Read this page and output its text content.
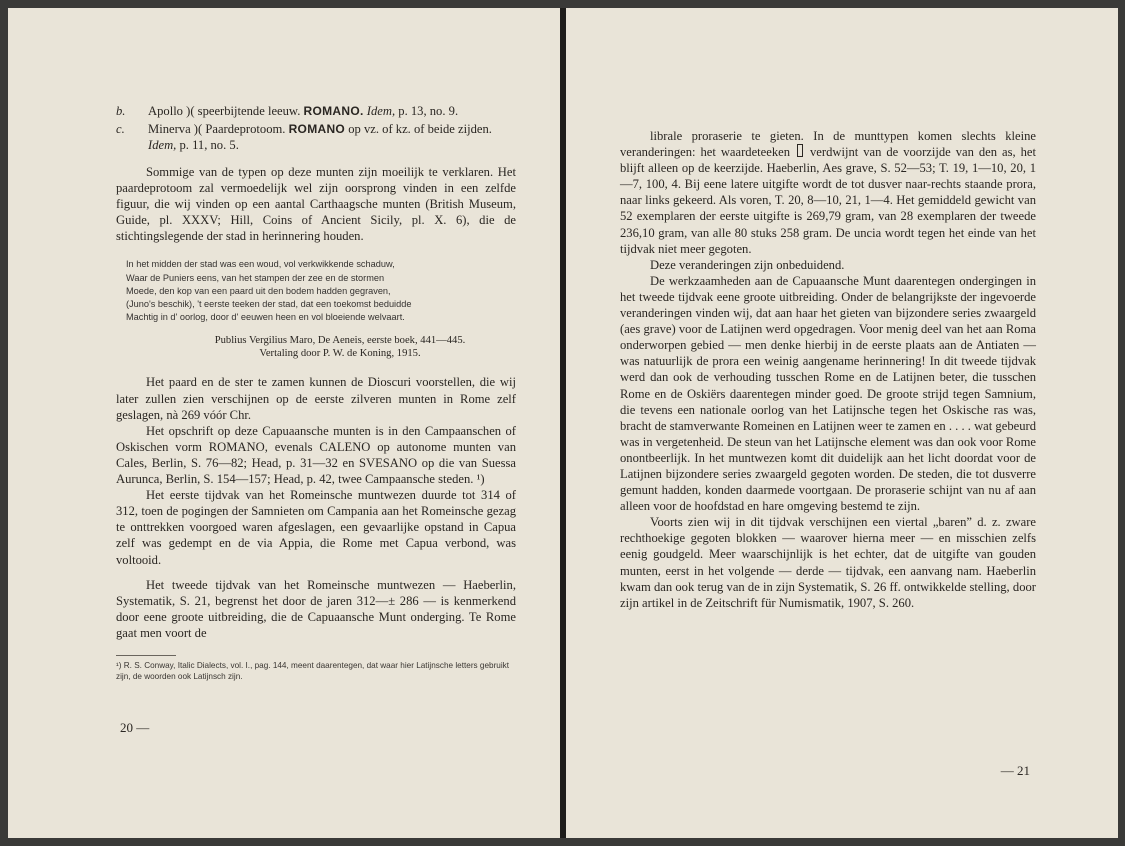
b. Apollo )( speerbijtende leeuw. ROMANO. Idem, p. 13, no. 9.
c. Minerva )( Paardeprotoom. ROMANO op vz. of kz. of beide zijden. Idem, p. 11, no. 5.

Sommige van de typen op deze munten zijn moeilijk te verklaren. Het paardeprotoom zal vermoedelijk wel zijn oorsprong vinden in een zelfde figuur, die wij vinden op een aantal Carthaagsche munten (British Museum, Guide, pl. XXXV; Hill, Coins of Ancient Sicily, pl. X. 6), die de stichtingslegende der stad in herinnering houden.

In het midden der stad was een woud, vol verkwikkende schaduw,
Waar de Puniers eens, van het stampen der zee en de stormen
Moede, den kop van een paard uit den bodem hadden gegraven,
(Juno's beschik), 't eerste teeken der stad, dat een toekomst beduidde
Machtig in d' oorlog, door d' eeuwen heen en vol bloeiende welvaart.
Publius Vergilius Maro, De Aeneis, eerste boek, 441—445.
Vertaling door P. W. de Koning, 1915.

Het paard en de ster te zamen kunnen de Dioscuri voorstellen, die wij later zullen zien verschijnen op de eerste zilveren munten in Rome zelf geslagen, nà 269 vóór Chr.

Het opschrift op deze Capuaansche munten is in den Campaanschen of Oskischen vorm ROMANO, evenals CALENO op autonome munten van Cales, Berlin, S. 76—82; Head, p. 31—32 en SVESANO op die van Suessa Aurunca, Berlin, S. 154—157; Head, p. 42, twee Campaansche steden. ¹)

Het eerste tijdvak van het Romeinsche muntwezen duurde tot 314 of 312, toen de pogingen der Samnieten om Campania aan het Romeinsche gezag te onttrekken voorgoed waren afgeslagen, een gevaarlijke opstand in Capua zelf was gedempt en de via Appia, die Rome met Capua verbond, was voltooid.

Het tweede tijdvak van het Romeinsche muntwezen — Haeberlin, Systematik, S. 21, begrenst het door de jaren 312—± 286 — is kenmerkend door eene groote uitbreiding, die de Capuaansche Munt onderging. Te Rome gaat men voort de

¹) R. S. Conway, Italic Dialects, vol. I., pag. 144, meent daarentegen, dat waar hier Latijnsche letters gebruikt zijn, de woorden ook Latijnsch zijn.
20 —

librale proraserie te gieten. In de munttypen komen slechts kleine veranderingen: het waardeteeken verdwijnt van de voorzijde van den as, het blijft alleen op de keerzijde. Haeberlin, Aes grave, S. 52—53; T. 19, 1—10, 20, 1—7, 100, 4. Bij eene latere uitgifte wordt de tot dusver naar-rechts staande prora, naar links gekeerd. Als voren, T. 20, 8—10, 21, 1—4. Het gemiddeld gewicht van 52 exemplaren der eerste uitgifte is 269,79 gram, van 28 exemplaren der tweede 236,10 gram, van alle 80 stuks 258 gram. De uncia wordt tegen het einde van het tijdvak niet meer gegoten.

Deze veranderingen zijn onbeduidend.

De werkzaamheden aan de Capuaansche Munt daarentegen ondergingen in het tweede tijdvak eene groote uitbreiding. Onder de belangrijkste der ingevoerde veranderingen vinden wij, dat aan haar het gieten van bijzondere series zwaargeld (aes grave) voor de Latijnen werd opgedragen. Voor menig deel van het aan Roma onderworpen gebied — men denke hierbij in de eerste plaats aan de Antiaten — was natuurlijk de prora een weinig aangename herinnering! In dit tweede tijdvak werd dan ook de verhouding tusschen Rome en de Latijnen beter, die tusschen Rome en de Oskiërs daarentegen minder goed. De groote strijd tegen Samnium, die tevens een nationale oorlog van het Latijnsche tegen het Oskische ras was, bracht de stamverwante Romeinen en Latijnen weer te zamen en . . . . wat gebeurd was in vergetenheid. De steun van het Latijnsche element was dan ook voor Rome onontbeerlijk. In het muntwezen komt dit duidelijk aan het licht doordat voor de Latijnen bijzondere series zwaargeld gegoten worden. De steden, die tot dusverre gemunt hadden, konden daarmede voortgaan. De proraserie schijnt van nu af aan alleen voor de hoofdstad en hare omgeving bestemd te zijn.

Voorts zien wij in dit tijdvak verschijnen een viertal „baren” d. z. zware rechthoekige gegoten blokken — waarover hierna meer — en misschien zelfs eenig goudgeld. Meer waarschijnlijk is het echter, dat de uitgifte van gouden munten, eerst in het volgende — derde — tijdvak, een aanvang nam. Haeberlin kwam dan ook terug van de in zijn Systematik, S. 26 ff. ontwikkelde stelling, door zijn artikel in de Zeitschrift für Numismatik, 1907, S. 260.

— 21
